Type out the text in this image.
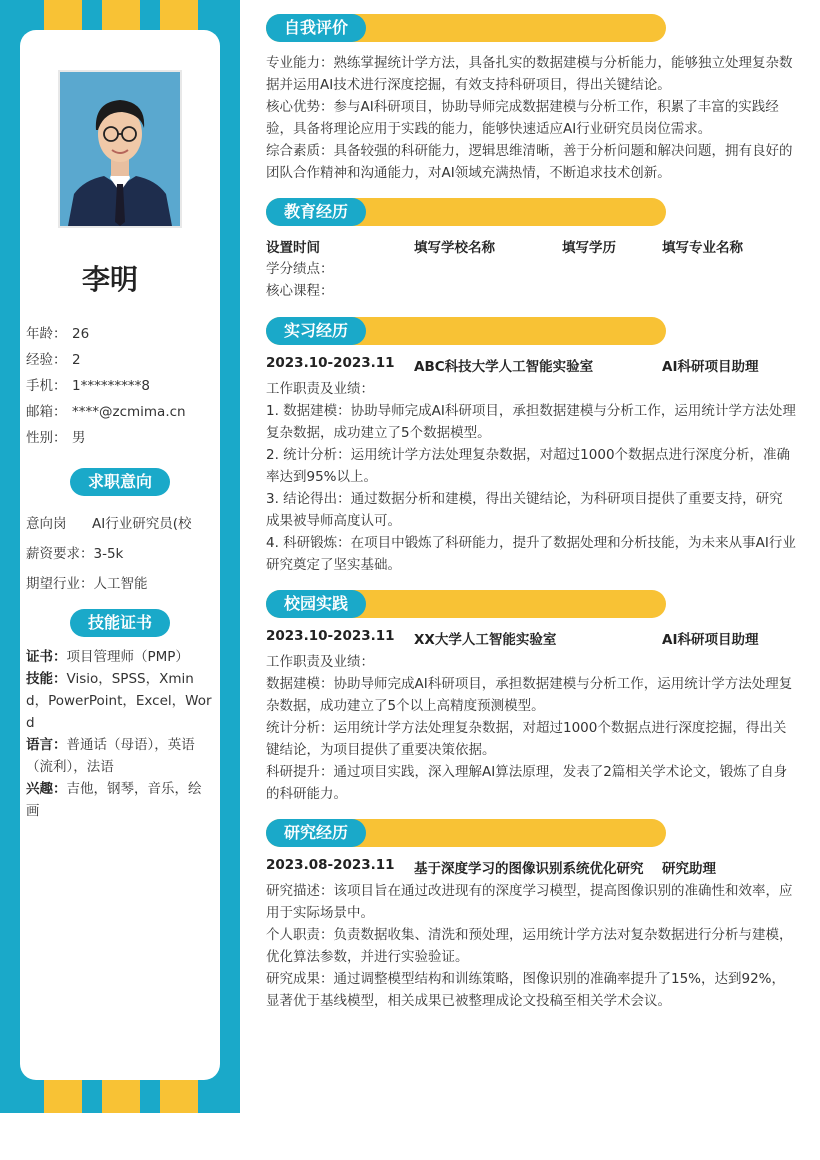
李明
年龄： 26
经验： 2
手机： 1*********8
邮箱： ****@zcmima.cn
性别： 男
求职意向
意向岗 AI行业研究员(校
薪资要求：3-5k
期望行业：人工智能
技能证书
证书：项目管理师（PMP）
技能：Visio，SPSS，Xmind，PowerPoint，Excel，Word
语言：普通话（母语），英语（流利），法语
兴趣：吉他，钢琴，音乐，绘画
自我评价
专业能力：熟练掌握统计学方法，具备扎实的数据建模与分析能力，能够独立处理复杂数据并运用AI技术进行深度挖掘，有效支持科研项目，得出关键结论。
核心优势：参与AI科研项目，协助导师完成数据建模与分析工作，积累了丰富的实践经验，具备将理论应用于实践的能力，能够快速适应AI行业研究员岗位需求。
综合素质：具备较强的科研能力，逻辑思维清晰，善于分析问题和解决问题，拥有良好的团队合作精神和沟通能力，对AI领域充满热情，不断追求技术创新。
教育经历
设置时间	填写学校名称	填写学历	填写专业名称
学分绩点：
核心课程：
实习经历
2023.10-2023.11 ABC科技大学人工智能实验室	AI科研项目助理
工作职责及业绩：
1. 数据建模：协助导师完成AI科研项目，承担数据建模与分析工作，运用统计学方法处理复杂数据，成功建立了5个数据模型。
2. 统计分析：运用统计学方法处理复杂数据，对超过1000个数据点进行深度分析，准确率达到95%以上。
3. 结论得出：通过数据分析和建模，得出关键结论，为科研项目提供了重要支持，研究成果被导师高度认可。
4. 科研锻炼：在项目中锻炼了科研能力，提升了数据处理和分析技能，为未来从事AI行业研究奠定了坚实基础。
校园实践
2023.10-2023.11 XX大学人工智能实验室	AI科研项目助理
工作职责及业绩：
数据建模：协助导师完成AI科研项目，承担数据建模与分析工作，运用统计学方法处理复杂数据，成功建立了5个以上高精度预测模型。
统计分析：运用统计学方法处理复杂数据，对超过1000个数据点进行深度挖掘，得出关键结论，为项目提供了重要决策依据。
科研提升：通过项目实践，深入理解AI算法原理，发表了2篇相关学术论文，锻炼了自身的科研能力。
研究经历
2023.08-2023.11 基于深度学习的图像识别系统优化研究 研究助理
研究描述：该项目旨在通过改进现有的深度学习模型，提高图像识别的准确性和效率，应用于实际场景中。
个人职责：负责数据收集、清洗和预处理，运用统计学方法对复杂数据进行分析与建模，优化算法参数，并进行实验验证。
研究成果：通过调整模型结构和训练策略，图像识别的准确率提升了15%，达到92%，显著优于基线模型，相关成果已被整理成论文投稿至相关学术会议。
